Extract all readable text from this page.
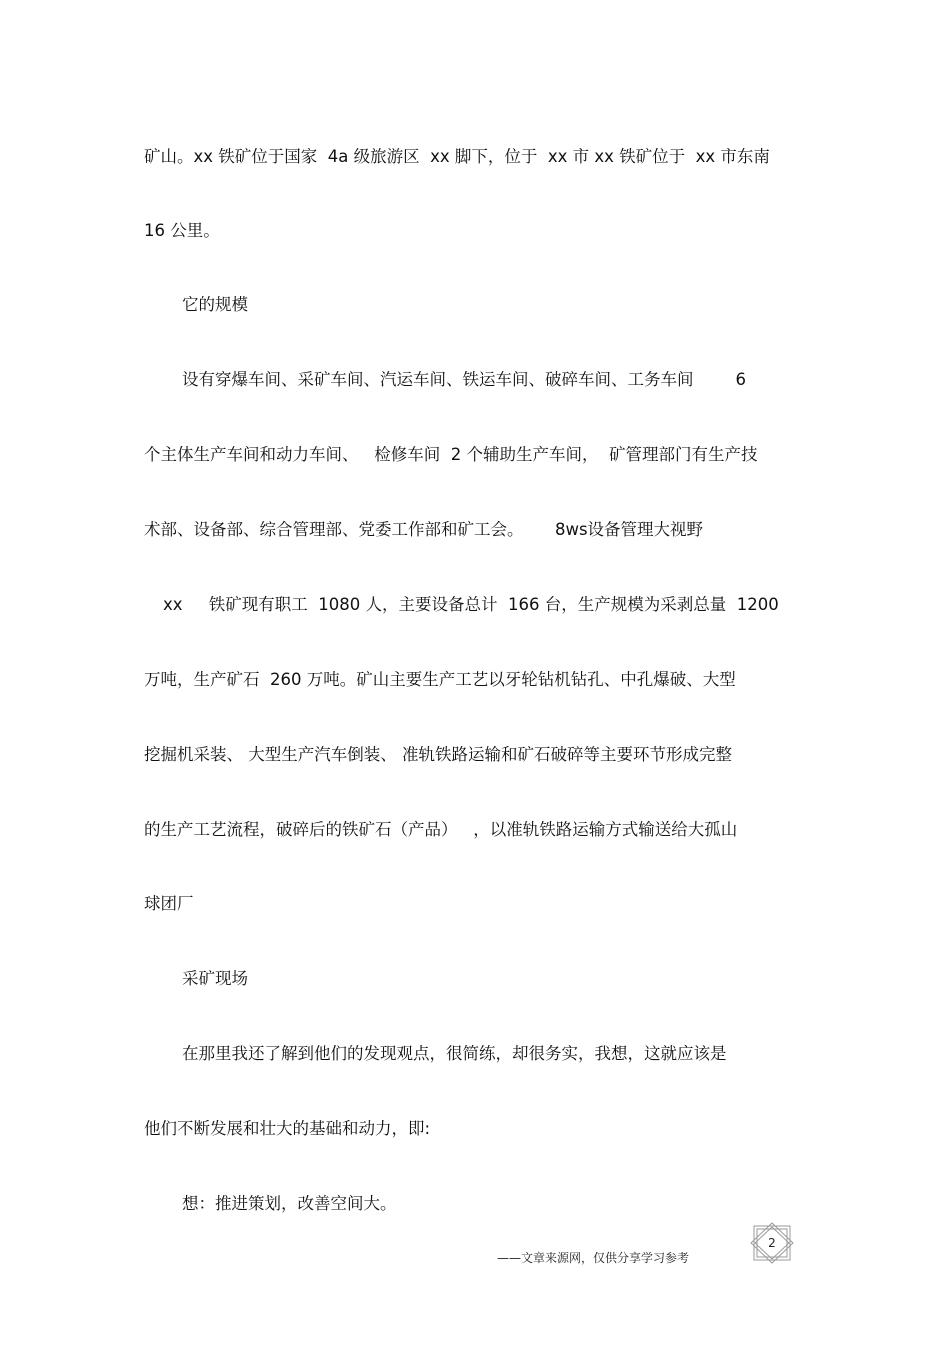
矿山。xx 铁矿位于国家  4a 级旅游区  xx 脚下，位于  xx 市 xx 铁矿位于  xx 市东南
16 公里。
它的规模
设有穿爆车间、采矿车间、汽运车间、铁运车间、破碎车间、工务车间        6
个主体生产车间和动力车间、   检修车间  2 个辅助生产车间，  矿管理部门有生产技
术部、设备部、综合管理部、党委工作部和矿工会。      8ws设备管理大视野
xx     铁矿现有职工  1080 人，主要设备总计  166 台，生产规模为采剥总量  1200
万吨，生产矿石  260 万吨。矿山主要生产工艺以牙轮钻机钻孔、中孔爆破、大型
挖掘机采装、 大型生产汽车倒装、 准轨铁路运输和矿石破碎等主要环节形成完整
的生产工艺流程，破碎后的铁矿石（产品）   ，以准轨铁路运输方式输送给大孤山
球团厂
采矿现场
在那里我还了解到他们的发现观点，很简练，却很务实，我想，这就应该是
他们不断发展和壮大的基础和动力，即:
想：推进策划，改善空间大。
——文章来源网，仅供分享学习参考
2
